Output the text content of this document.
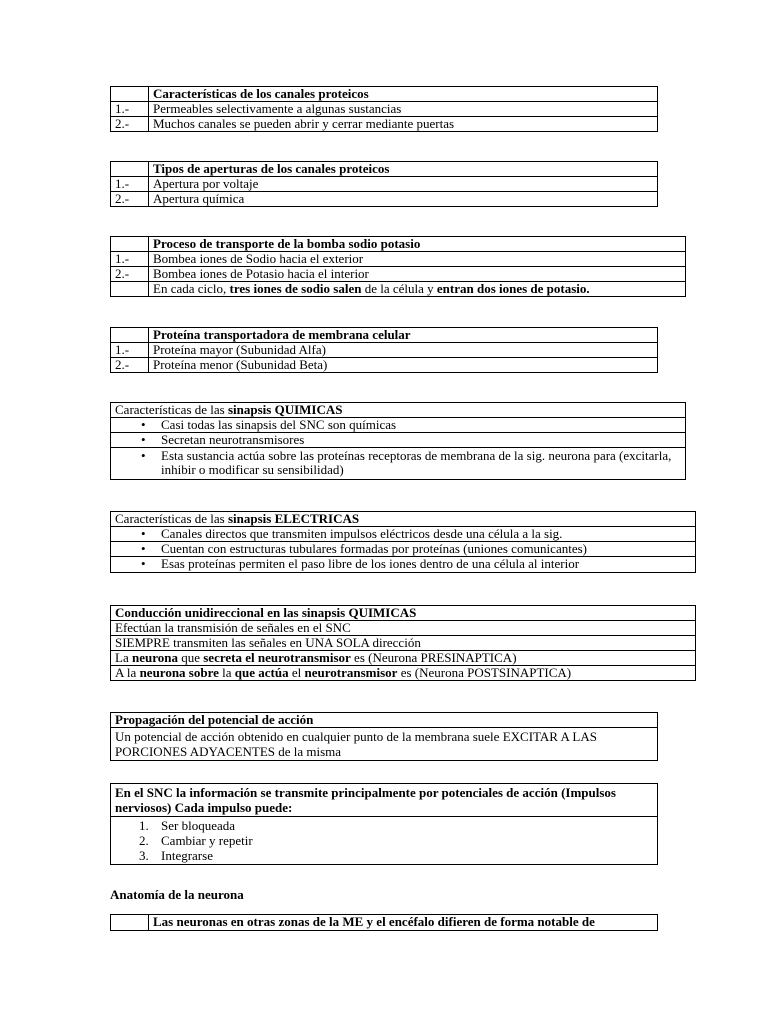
	Características de los canales proteicos
1.-	Permeables selectivamente a algunas sustancias
2.-	Muchos canales se pueden abrir y cerrar mediante puertas
	Tipos de aperturas de los canales proteicos
1.-	Apertura por voltaje
2.-	Apertura química
	Proceso de transporte de la bomba sodio potasio
1.-	Bombea iones de Sodio hacia el exterior
2.-	Bombea iones de Potasio hacia el interior
	En cada ciclo, tres iones de sodio salen de la célula y entran dos iones de potasio.
	Proteína transportadora de membrana celular
1.-	Proteína mayor (Subunidad Alfa)
2.-	Proteína menor (Subunidad Beta)
Características de las sinapsis QUIMICAS

• Casi todas las sinapsis del SNC son químicas

• Secretan neurotransmisores

• Esta sustancia actúa sobre las proteínas receptoras de membrana de la sig. neurona para (excitarla, inhibir o modificar su sensibilidad)
Características de las sinapsis ELECTRICAS

• Canales directos que transmiten impulsos eléctricos desde una célula a la sig.

• Cuentan con estructuras tubulares formadas por proteínas (uniones comunicantes)

• Esas proteínas permiten el paso libre de los iones dentro de una célula al interior
Conducción unidireccional en las sinapsis QUIMICAS
Efectúan la transmisión de señales en el SNC
SIEMPRE transmiten las señales en UNA SOLA dirección
La neurona que secreta el neurotransmisor es (Neurona PRESINAPTICA)
A la neurona sobre la que actúa el neurotransmisor es (Neurona POSTSINAPTICA)
Propagación del potencial de acción
Un potencial de acción obtenido en cualquier punto de la membrana suele EXCITAR A LAS PORCIONES ADYACENTES de la misma
En el SNC la información se transmite principalmente por potenciales de acción (Impulsos nerviosos) Cada impulso puede:

1. Ser bloqueada
2. Cambiar y repetir
3. Integrarse
Anatomía de la neurona
	Las neuronas en otras zonas de la ME y el encéfalo difieren de forma notable de
